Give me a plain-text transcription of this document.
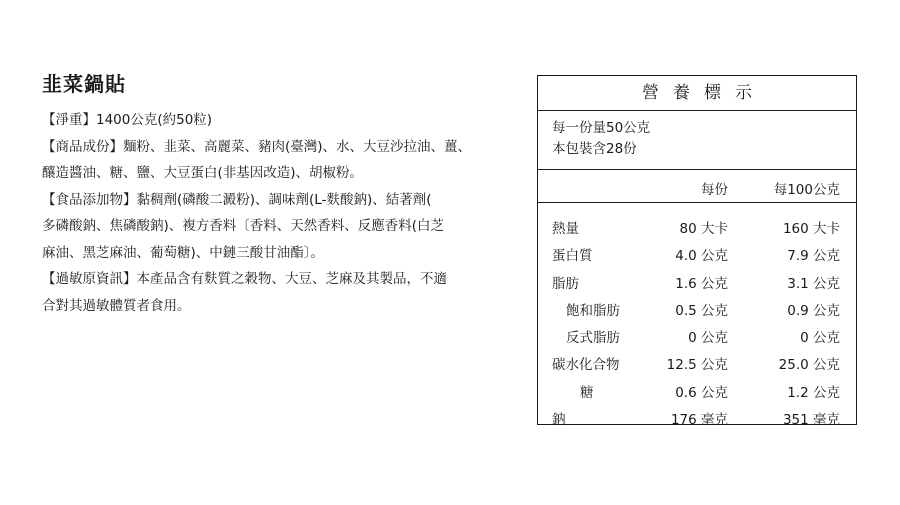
韭菜鍋貼

【淨重】1400公克(約50粒)

【商品成份】麵粉、韭菜、高麗菜、豬肉(臺灣)、水、大豆沙拉油、薑、

釀造醬油、糖、鹽、大豆蛋白(非基因改造)、胡椒粉。

【食品添加物】黏稠劑(磷酸二澱粉)、調味劑(L-麩酸鈉)、結著劑(

多磷酸鈉、焦磷酸鈉)、複方香料〔香料、天然香料、反應香料(白芝

麻油、黑芝麻油、葡萄糖)、中鏈三酸甘油酯〕。

【過敏原資訊】本產品含有麩質之穀物、大豆、芝麻及其製品，不適

合對其過敏體質者食用。

營養標示
每一份量50公克
本包裝含28份
每份	每100公克
熱量	80 大卡	160 大卡
蛋白質	4.0 公克	7.9 公克
脂肪	1.6 公克	3.1 公克
飽和脂肪	0.5 公克	0.9 公克
反式脂肪	0 公克	0 公克
碳水化合物	12.5 公克	25.0 公克
糖	0.6 公克	1.2 公克
鈉	176 毫克	351 毫克
